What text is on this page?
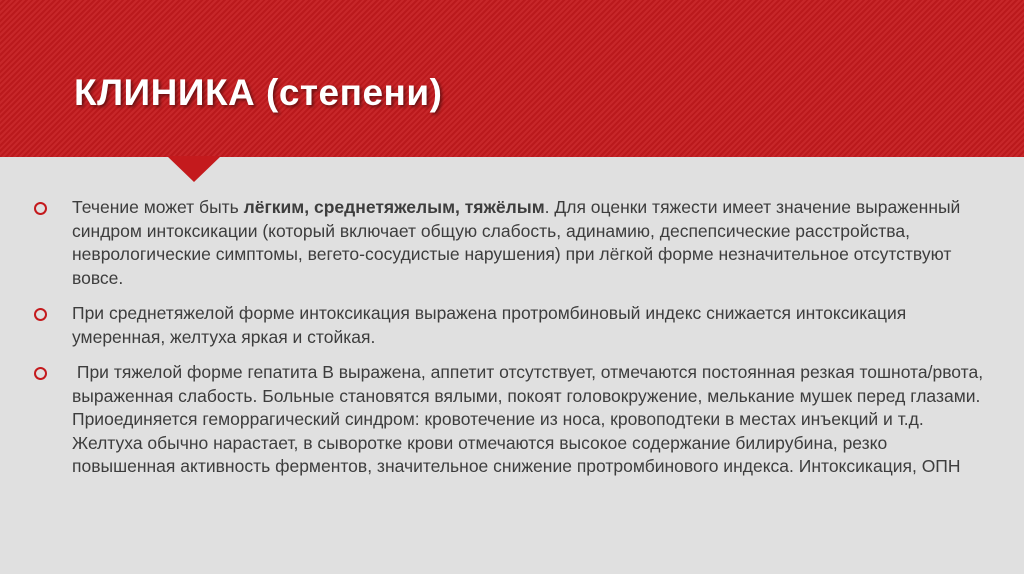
КЛИНИКА (степени)
Течение может быть лёгким, среднетяжелым, тяжёлым. Для оценки тяжести имеет значение выраженный синдром интоксикации (который включает общую слабость, адинамию, деспепсические расстройства, неврологические симптомы, вегето-сосудистые нарушения) при лёгкой форме незначительное отсутствуют вовсе.
При среднетяжелой форме интоксикация выражена протромбиновый индекс снижается интоксикация умеренная, желтуха яркая и стойкая.
При тяжелой форме гепатита В выражена, аппетит отсутствует, отмечаются постоянная резкая тошнота/рвота, выраженная слабость. Больные становятся вялыми, покоят головокружение, мелькание мушек перед глазами. Приоединяется геморрагический синдром: кровотечение из носа, кровоподтеки в местах инъекций и т.д. Желтуха обычно нарастает, в сыворотке крови отмечаются высокое содержание билирубина, резко повышенная активность ферментов, значительное снижение протромбинового индекса. Интоксикация, ОПН
